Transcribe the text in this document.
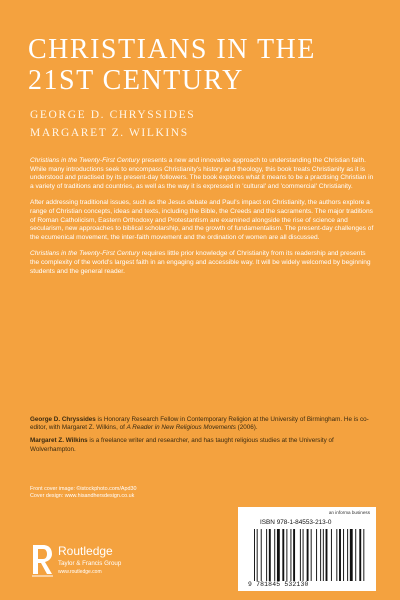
CHRISTIANS IN THE
21ST CENTURY
GEORGE D. CHRYSSIDES
MARGARET Z. WILKINS

Christians in the Twenty-First Century presents a new and innovative approach to understanding the Christian faith. While many introductions seek to encompass Christianity's history and theology, this book treats Christianity as it is understood and practised by its present-day followers. The book explores what it means to be a practising Christian in a variety of traditions and countries, as well as the way it is expressed in 'cultural' and 'commercial' Christianity.

After addressing traditional issues, such as the Jesus debate and Paul's impact on Christianity, the authors explore a range of Christian concepts, ideas and texts, including the Bible, the Creeds and the sacraments. The major traditions of Roman Catholicism, Eastern Orthodoxy and Protestantism are examined alongside the rise of science and secularism, new approaches to biblical scholarship, and the growth of fundamentalism. The present-day challenges of the ecumenical movement, the inter-faith movement and the ordination of women are all discussed.

Christians in the Twenty-First Century requires little prior knowledge of Christianity from its readership and presents the complexity of the world's largest faith in an engaging and accessible way. It will be widely welcomed by beginning students and the general reader.

George D. Chryssides is Honorary Research Fellow in Contemporary Religion at the University of Birmingham. He is co-editor, with Margaret Z. Wilkins, of A Reader in New Religious Movements (2006).

Margaret Z. Wilkins is a freelance writer and researcher, and has taught religious studies at the University of Wolverhampton.

Front cover image: ©istockphoto.com/Apd30
Cover design: www.hisandhersdesign.co.uk
Routledge
Taylor & Francis Group
www.routledge.com
an informa business
ISBN 978-1-84553-213-0
9 781845 532130
